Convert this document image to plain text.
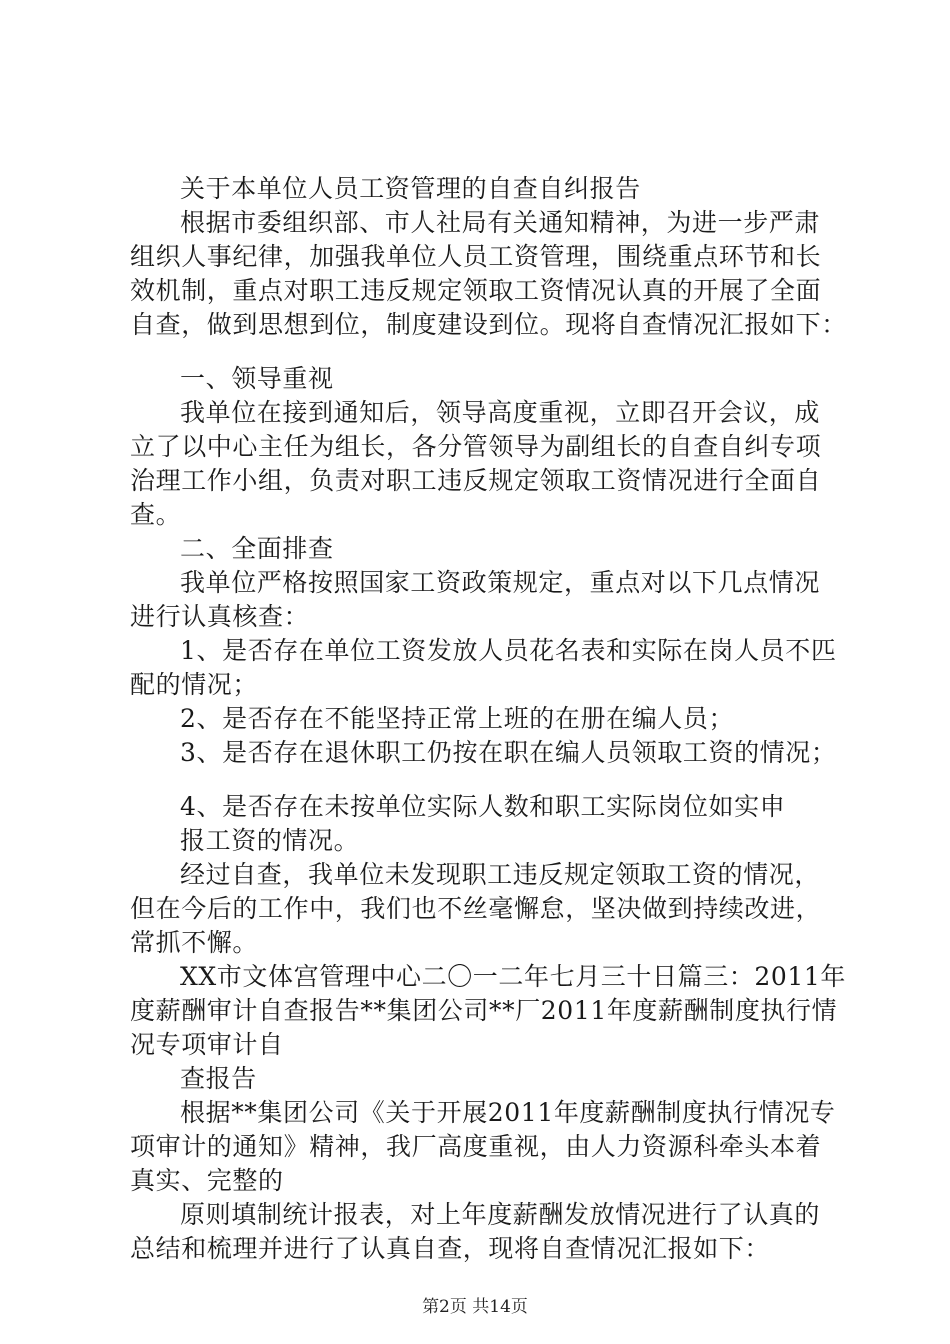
关于本单位人员工资管理的自查自纠报告
根据市委组织部、市人社局有关通知精神，为进一步严肃
组织人事纪律，加强我单位人员工资管理，围绕重点环节和长
效机制，重点对职工违反规定领取工资情况认真的开展了全面
自查，做到思想到位，制度建设到位。现将自查情况汇报如下：
一、领导重视
我单位在接到通知后，领导高度重视，立即召开会议，成
立了以中心主任为组长，各分管领导为副组长的自查自纠专项
治理工作小组，负责对职工违反规定领取工资情况进行全面自
查。
二、全面排查
我单位严格按照国家工资政策规定，重点对以下几点情况
进行认真核查：
1、是否存在单位工资发放人员花名表和实际在岗人员不匹
配的情况；
2、是否存在不能坚持正常上班的在册在编人员；
3、是否存在退休职工仍按在职在编人员领取工资的情况；
4、是否存在未按单位实际人数和职工实际岗位如实申
报工资的情况。
经过自查，我单位未发现职工违反规定领取工资的情况，
但在今后的工作中，我们也不丝毫懈怠，坚决做到持续改进，
常抓不懈。
XX市文体宫管理中心二〇一二年七月三十日篇三：2011年
度薪酬审计自查报告**集团公司**厂2011年度薪酬制度执行情
况专项审计自
查报告
根据**集团公司《关于开展2011年度薪酬制度执行情况专
项审计的通知》精神，我厂高度重视，由人力资源科牵头本着
真实、完整的
原则填制统计报表，对上年度薪酬发放情况进行了认真的
总结和梳理并进行了认真自查，现将自查情况汇报如下：
第2页 共14页
